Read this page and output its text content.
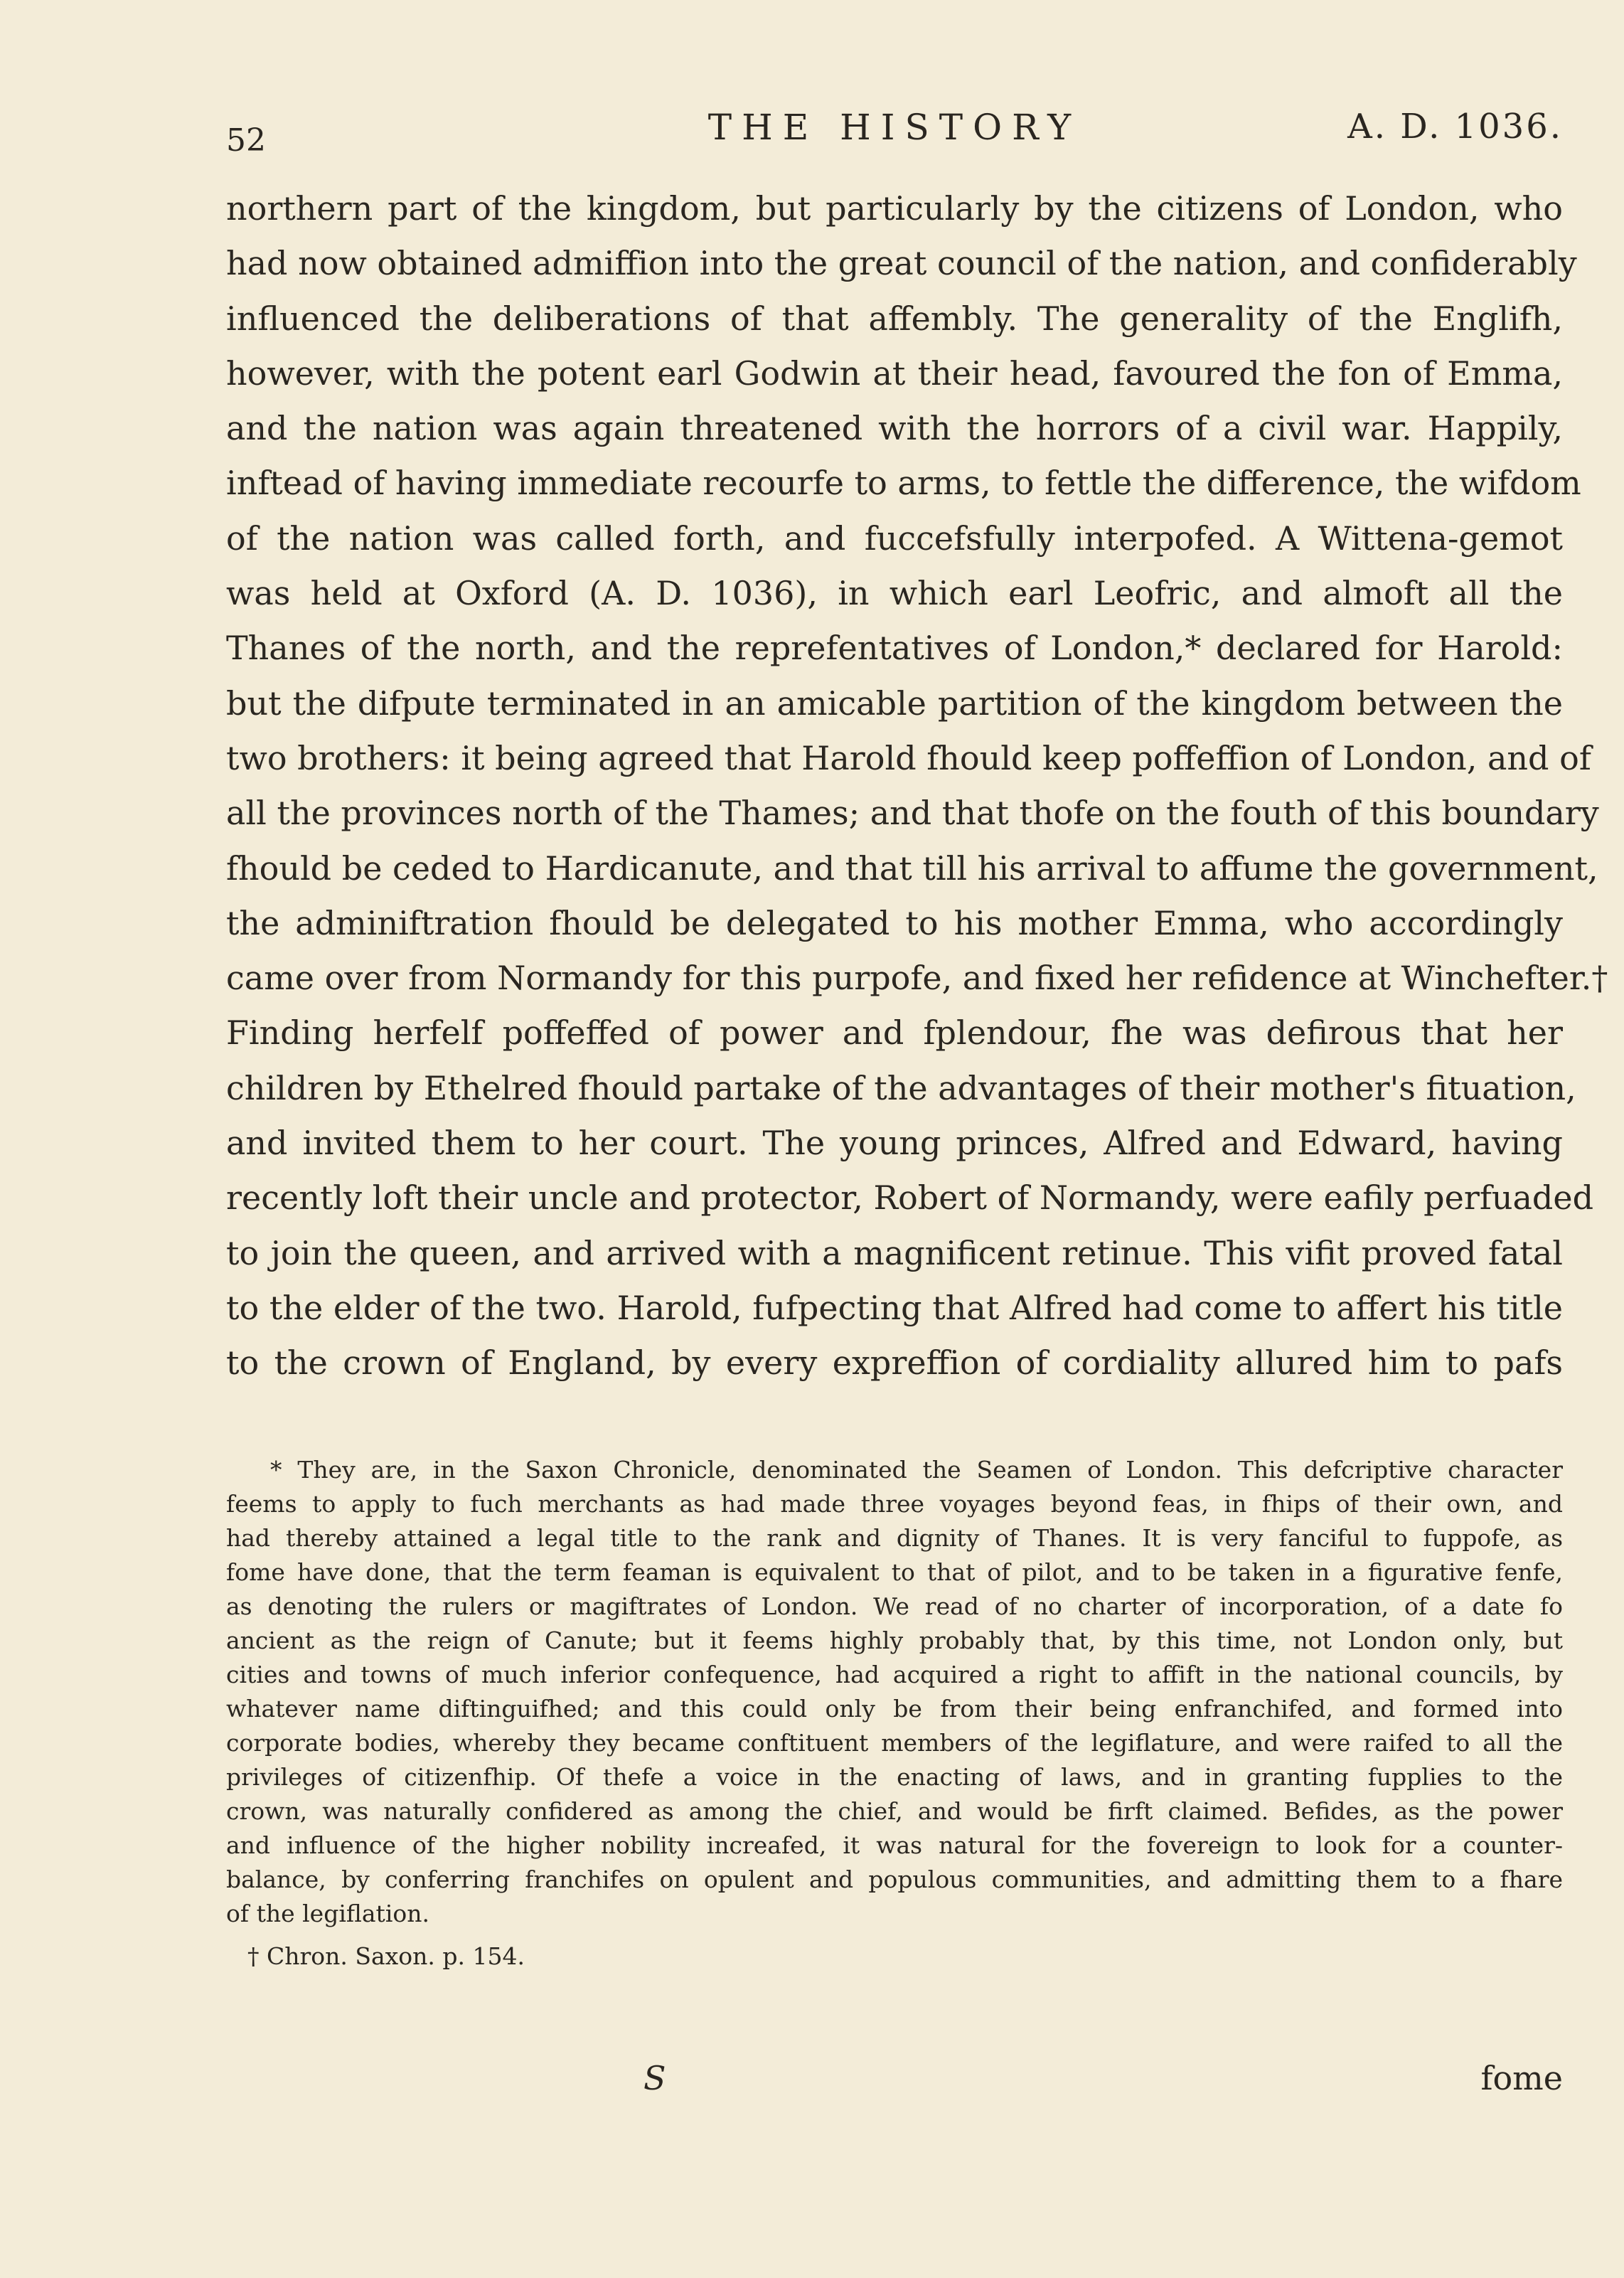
52	THE HISTORY	A. D. 1036.
northern part of the kingdom, but particularly by the citizens of London, who
had now obtained admiffion into the great council of the nation, and confiderably
influenced the deliberations of that affembly. The generality of the Englifh,
however, with the potent earl Godwin at their head, favoured the fon of Emma,
and the nation was again threatened with the horrors of a civil war. Happily,
inftead of having immediate recourfe to arms, to fettle the difference, the wifdom
of the nation was called forth, and fuccefsfully interpofed. A Wittena-gemot
was held at Oxford (A. D. 1036), in which earl Leofric, and almoft all the
Thanes of the north, and the reprefentatives of London,* declared for Harold:
but the difpute terminated in an amicable partition of the kingdom between the
two brothers: it being agreed that Harold fhould keep poffeffion of London, and of
all the provinces north of the Thames; and that thofe on the fouth of this boundary
fhould be ceded to Hardicanute, and that till his arrival to affume the government,
the adminiftration fhould be delegated to his mother Emma, who accordingly
came over from Normandy for this purpofe, and fixed her refidence at Winchefter.†
Finding herfelf poffeffed of power and fplendour, fhe was defirous that her
children by Ethelred fhould partake of the advantages of their mother's fituation,
and invited them to her court. The young princes, Alfred and Edward, having
recently loft their uncle and protector, Robert of Normandy, were eafily perfuaded
to join the queen, and arrived with a magnificent retinue. This vifit proved fatal
to the elder of the two. Harold, fufpecting that Alfred had come to affert his title
to the crown of England, by every expreffion of cordiality allured him to pafs
* They are, in the Saxon Chronicle, denominated the Seamen of London. This defcriptive character
feems to apply to fuch merchants as had made three voyages beyond feas, in fhips of their own, and
had thereby attained a legal title to the rank and dignity of Thanes. It is very fanciful to fuppofe, as
fome have done, that the term feaman is equivalent to that of pilot, and to be taken in a figurative fenfe,
as denoting the rulers or magiftrates of London. We read of no charter of incorporation, of a date fo
ancient as the reign of Canute; but it feems highly probably that, by this time, not London only, but
cities and towns of much inferior confequence, had acquired a right to affift in the national councils, by
whatever name diftinguifhed; and this could only be from their being enfranchifed, and formed into
corporate bodies, whereby they became conftituent members of the legiflature, and were raifed to all the
privileges of citizenfhip. Of thefe a voice in the enacting of laws, and in granting fupplies to the
crown, was naturally confidered as among the chief, and would be firft claimed. Befides, as the power
and influence of the higher nobility increafed, it was natural for the fovereign to look for a counter-
balance, by conferring franchifes on opulent and populous communities, and admitting them to a fhare
of the legiflation.
† Chron. Saxon. p. 154.
S	fome
